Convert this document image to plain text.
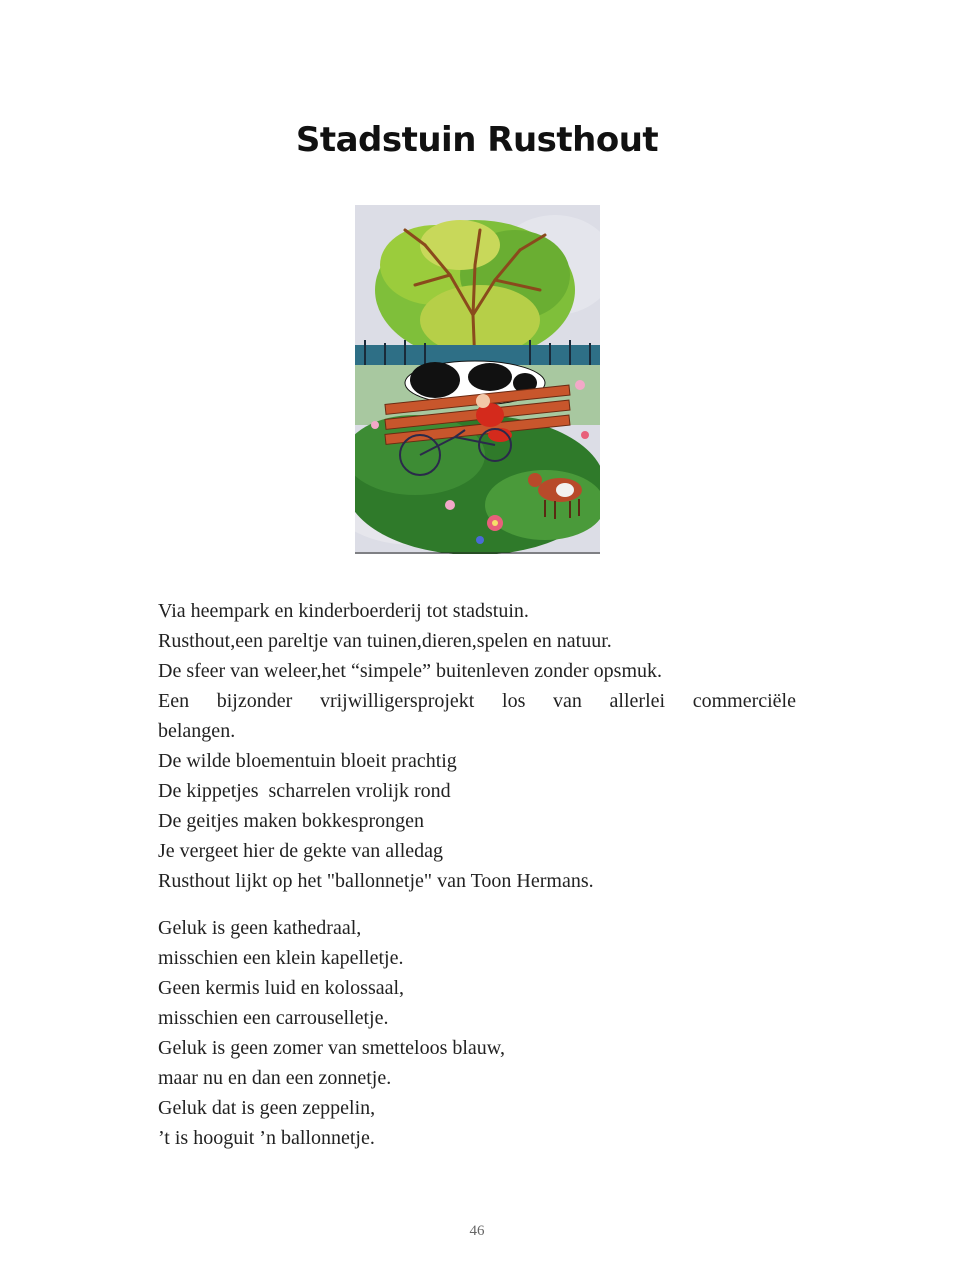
Stadstuin Rusthout
Via heempark en kinderboerderij tot stadstuin.
Rusthout,een pareltje van tuinen,dieren,spelen en natuur.
De sfeer van weleer,het “simpele” buitenleven zonder opsmuk.
Een bijzonder vrijwilligersprojekt los van allerlei commerciële
belangen.
De wilde bloementuin bloeit prachtig
De kippetjes  scharrelen vrolijk rond
De geitjes maken bokkesprongen
Je vergeet hier de gekte van alledag
Rusthout lijkt op het "ballonnetje" van Toon Hermans.
Geluk is geen kathedraal,
misschien een klein kapelletje.
Geen kermis luid en kolossaal,
misschien een carrouselletje.
Geluk is geen zomer van smetteloos blauw,
maar nu en dan een zonnetje.
Geluk dat is geen zeppelin,
’t is hooguit ’n ballonnetje.
46
